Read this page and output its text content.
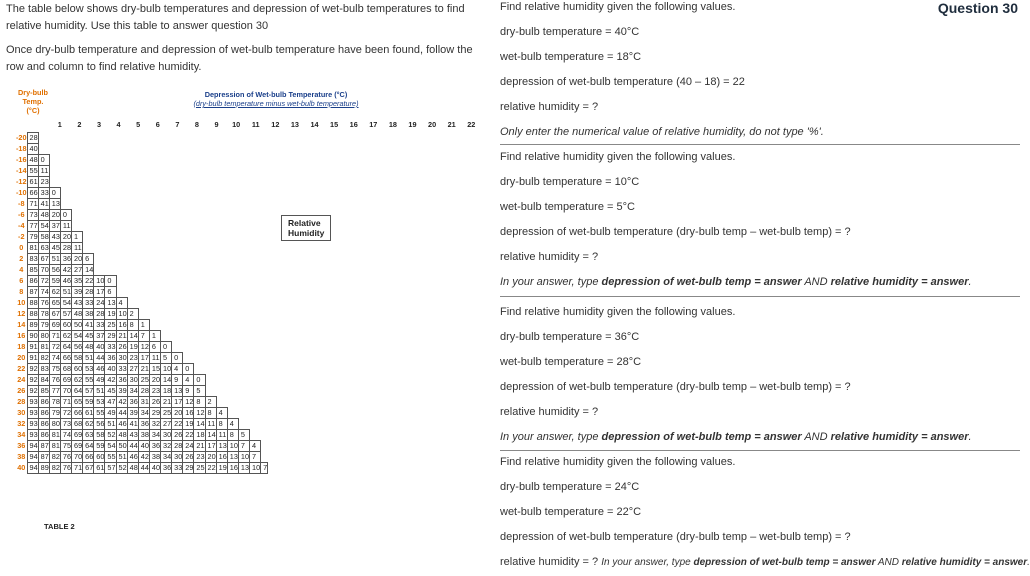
The table below shows dry-bulb temperatures and depression of wet-bulb temperatures to find relative humidity. Use this table to answer question 30

Once dry-bulb temperature and depression of wet-bulb temperature have been found, follow the row and column to find relative humidity.

Dry-bulb Temp. (°C)
Depression of Wet-bulb Temperature (°C)
(dry-bulb temperature minus wet-bulb temperature)
1	2	3	4	5	6	7	8	9	10	11	12	13	14	15	16	17	18	19	20	21	22
-20	28																					
-18	40																					
-16	48	0																				
-14	55	11																				
-12	61	23																				
-10	66	33	0																			
-8	71	41	13																			
-6	73	48	20	0																		
-4	77	54	37	11																		
-2	79	58	43	20	1																	
0	81	63	45	28	11																	
2	83	67	51	36	20	6																
4	85	70	56	42	27	14																
6	86	72	59	46	35	22	10	0														
8	87	74	62	51	39	28	17	6														
10	88	76	65	54	43	33	24	13	4													
12	88	78	67	57	48	38	28	19	10	2												
14	89	79	69	60	50	41	33	25	16	8	1											
16	90	80	71	62	54	45	37	29	21	14	7	1										
18	91	81	72	64	56	48	40	33	26	19	12	6	0									
20	91	82	74	66	58	51	44	36	30	23	17	11	5	0								
22	92	83	75	68	60	53	46	40	33	27	21	15	10	4	0							
24	92	84	76	69	62	55	49	42	36	30	25	20	14	9	4	0						
26	92	85	77	70	64	57	51	45	39	34	28	23	18	13	9	5						
28	93	86	78	71	65	59	53	47	42	36	31	26	21	17	12	8	2					
30	93	86	79	72	66	61	55	49	44	39	34	29	25	20	16	12	8	4				
32	93	86	80	73	68	62	56	51	46	41	36	32	27	22	19	14	11	8	4			
34	93	86	81	74	69	63	58	52	48	43	38	34	30	26	22	18	14	11	8	5		
36	94	87	81	75	69	64	59	54	50	44	40	36	32	28	24	21	17	13	10	7	4	
38	94	87	82	76	70	66	60	55	51	46	42	38	34	30	26	23	20	16	13	10	7	
40	94	89	82	76	71	67	61	57	52	48	44	40	36	33	29	25	22	19	16	13	10	7
Relative Humidity
TABLE 2
Question 30
Find relative humidity given the following values.
dry-bulb temperature = 40°C
wet-bulb temperature = 18°C
depression of wet-bulb temperature (40 – 18) = 22
relative humidity = ?
Only enter the numerical value of relative humidity, do not type '%'.
Find relative humidity given the following values.
dry-bulb temperature = 10°C
wet-bulb temperature = 5°C
depression of wet-bulb temperature (dry-bulb temp – wet-bulb temp) = ?
relative humidity = ?
In your answer, type depression of wet-bulb temp = answer AND relative humidity = answer.
Find relative humidity given the following values.
dry-bulb temperature = 36°C
wet-bulb temperature = 28°C
depression of wet-bulb temperature (dry-bulb temp – wet-bulb temp) = ?
relative humidity = ?
In your answer, type depression of wet-bulb temp = answer AND relative humidity = answer.
Find relative humidity given the following values.
dry-bulb temperature = 24°C
wet-bulb temperature = 22°C
depression of wet-bulb temperature (dry-bulb temp – wet-bulb temp) = ?
relative humidity = ? In your answer, type depression of wet-bulb temp = answer AND relative humidity = answer.
